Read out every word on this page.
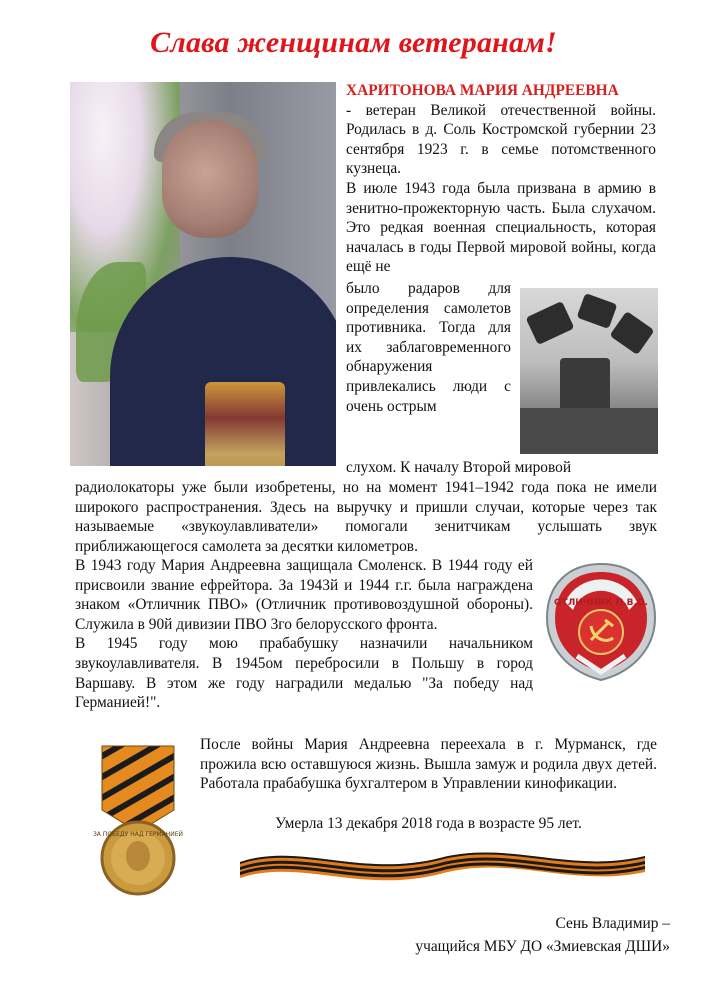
Слава женщинам ветеранам!

ХАРИТОНОВА МАРИЯ АНДРЕЕВНА
- ветеран Великой отечественной войны. Родилась в д. Соль Костромской губернии 23 сентября 1923 г. в семье потомственного кузнеца.

В июле 1943 года была призвана в армию в зенитно-прожекторную часть. Была слухачом. Это редкая военная специальность, которая началась в годы Первой мировой войны, когда ещё не

было радаров для определения самолетов противника. Тогда для их заблаговременного обнаружения привлекались люди с очень острым

слухом. К началу Второй мировой

радиолокаторы уже были изобретены, но на момент 1941–1942 года пока не имели широкого распространения. Здесь на выручку и пришли случаи, которые через так называемые «звукоулавливатели» помогали зенитчикам услышать звук приближающегося самолета за десятки километров.

В 1943 году Мария Андреевна защищала Смоленск. В 1944 году ей присвоили звание ефрейтора. За 1943й и 1944 г.г. была награждена знаком «Отличник ПВО» (Отличник противовоздушной обороны). Служила в 90й дивизии ПВО 3го белорусского фронта.

В 1945 году мою прабабушку назначили начальником звукоулавливателя. В 1945ом перебросили в Польшу в город Варшаву. В этом же году наградили медалью "За победу над Германией!".

ОТЛИЧНИК П.В.О.
ЗА ПОБЕДУ НАД ГЕРМАНИЕЙ

После войны Мария Андреевна переехала в г. Мурманск, где прожила всю оставшуюся жизнь. Вышла замуж и родила двух детей. Работала прабабушка бухгалтером в Управлении кинофикации.

Умерла 13 декабря 2018 года в возрасте 95 лет.

Сень Владимир –
учащийся МБУ ДО «Змиевская ДШИ»
